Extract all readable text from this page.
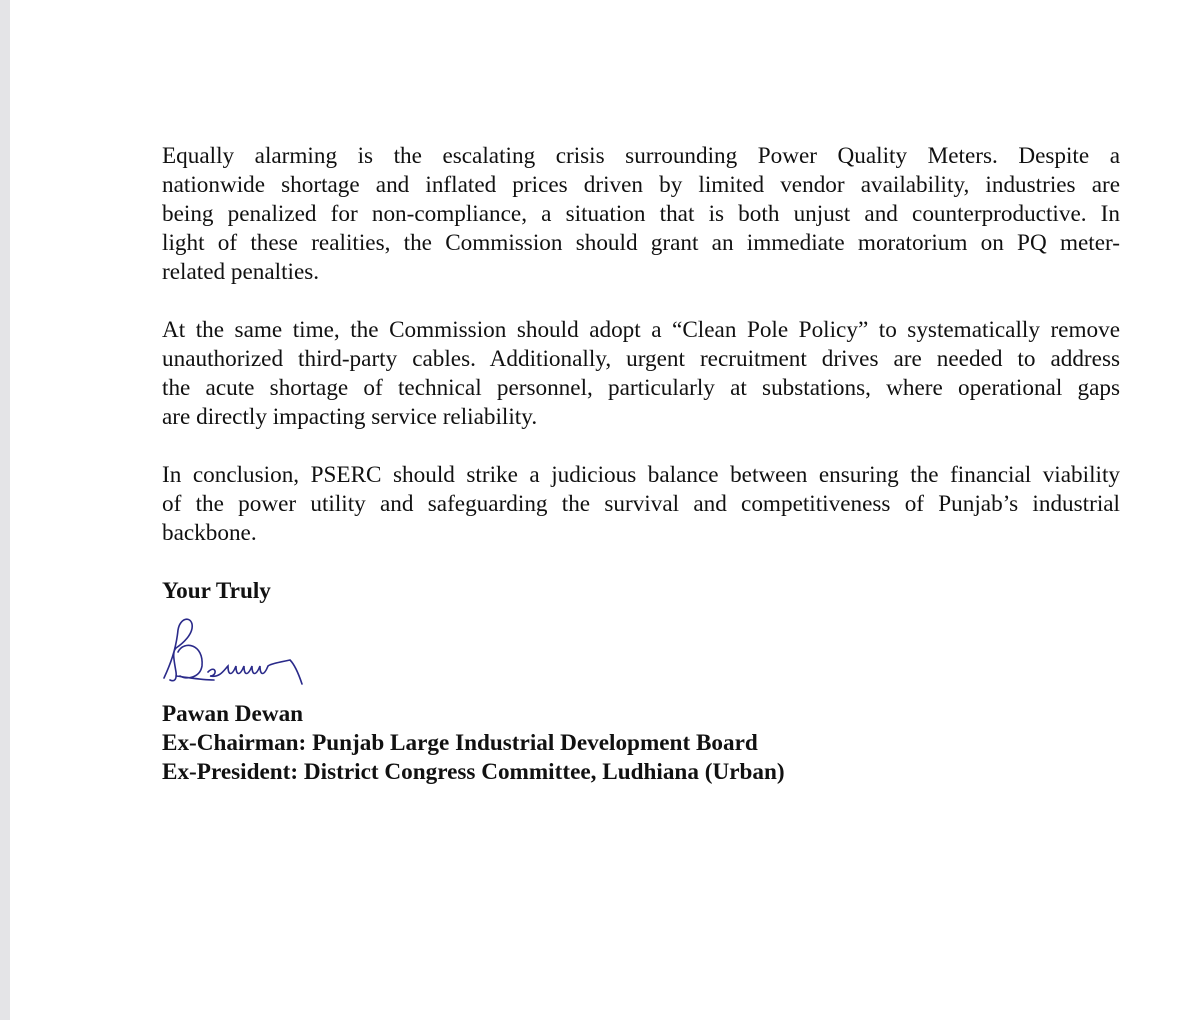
Equally alarming is the escalating crisis surrounding Power Quality Meters. Despite a
nationwide shortage and inflated prices driven by limited vendor availability, industries are
being penalized for non-compliance, a situation that is both unjust and counterproductive. In
light of these realities, the Commission should grant an immediate moratorium on PQ meter-
related penalties.
At the same time, the Commission should adopt a “Clean Pole Policy” to systematically remove
unauthorized third-party cables. Additionally, urgent recruitment drives are needed to address
the acute shortage of technical personnel, particularly at substations, where operational gaps
are directly impacting service reliability.
In conclusion, PSERC should strike a judicious balance between ensuring the financial viability
of the power utility and safeguarding the survival and competitiveness of Punjab’s industrial
backbone.
Your Truly
Pawan Dewan
Ex-Chairman: Punjab Large Industrial Development Board
Ex-President: District Congress Committee, Ludhiana (Urban)
